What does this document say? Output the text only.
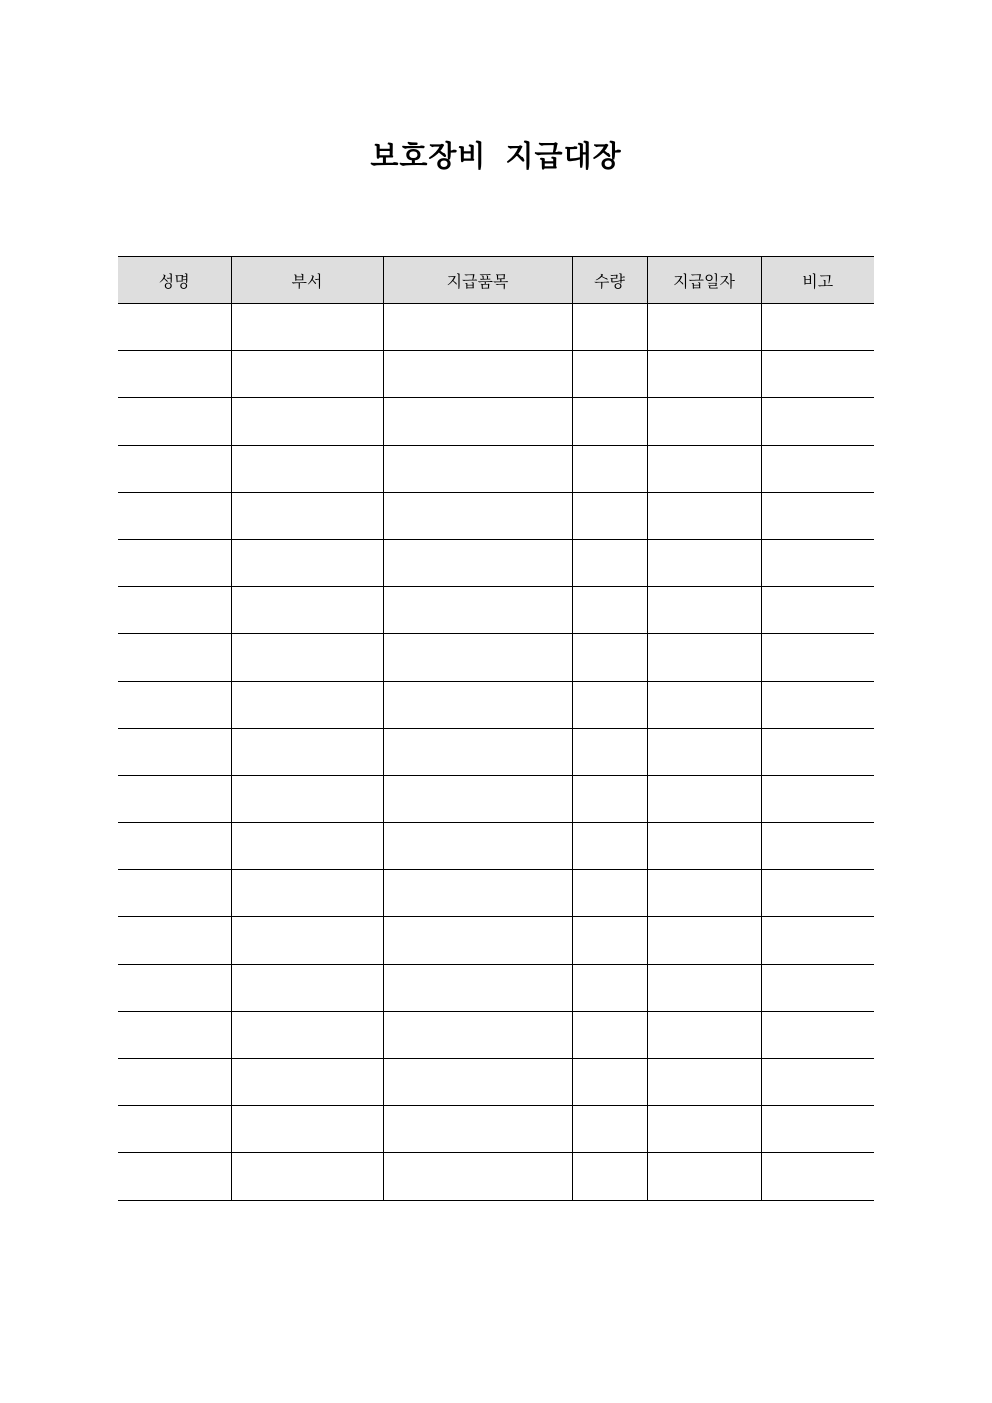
보호장비 지급대장
성명	부서	지급품목	수량	지급일자	비고
